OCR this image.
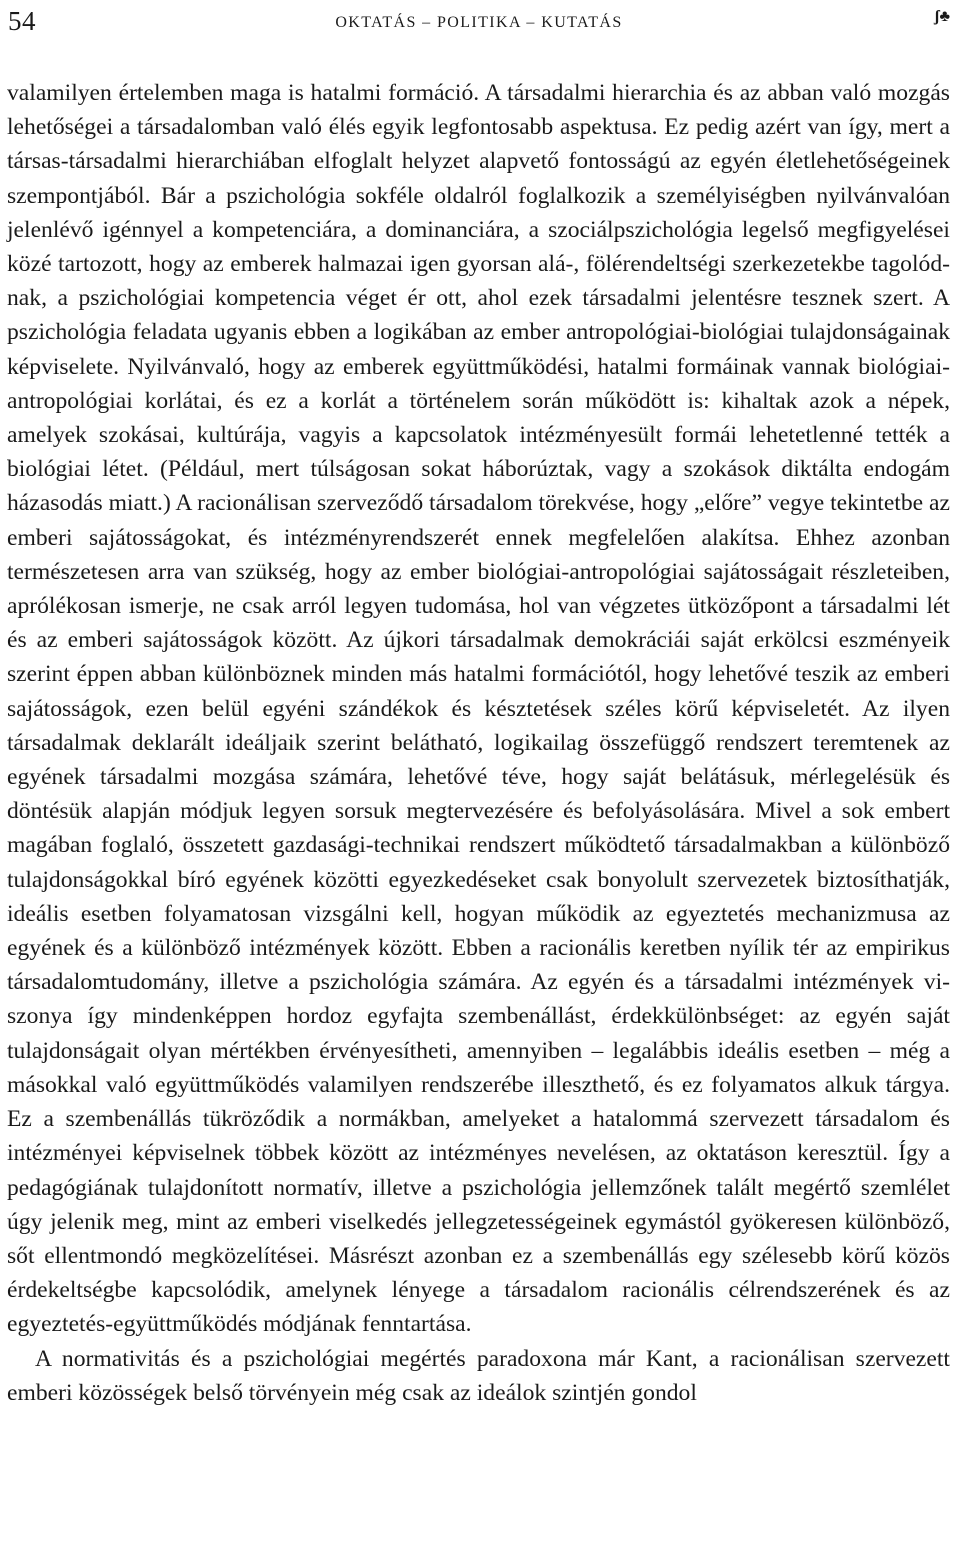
54	OKTATÁS – POLITIKA – KUTATÁS	ʃ♣

valamilyen értelemben maga is hatalmi formáció. A társadalmi hierarchia és az abban való mozgás lehetőségei a társadalomban való élés egyik legfontosabb aspektusa. Ez pedig azért van így, mert a társas-társadalmi hierarchiában elfoglalt helyzet alapvető fontosságú az egyén életlehetőségeinek szempontjából. Bár a pszichológia sokféle oldalról foglalkozik a személyiségben nyilvánvalóan jelenlévő igénnyel a kompetenciára, a dominanciára, a szociálpszichológia legelső megfigyelései közé tartozott, hogy az emberek halmazai igen gyorsan alá-, fölérendeltségi szerkezetekbe tagolódnak, a pszichológiai kompetencia véget ér ott, ahol ezek társadalmi jelentésre tesznek szert. A pszichológia feladata ugyanis ebben a logikában az ember antropológiai-biológiai tulajdonságainak képviselete. Nyilvánvaló, hogy az emberek együttműködési, hatalmi formáinak vannak biológiai-antropológiai korlátai, és ez a korlát a történelem során működött is: kihaltak azok a népek, amelyek szokásai, kultúrája, vagyis a kapcsolatok intézményesült formái lehetetlenné tették a biológiai létet. (Például, mert túlságosan sokat háborúztak, vagy a szokások diktálta endogám házasodás miatt.) A racionálisan szerveződő társadalom törekvése, hogy „előre” vegye tekintetbe az emberi sajátosságokat, és intézményrendszerét ennek megfelelően alakítsa. Ehhez azonban természetesen arra van szükség, hogy az ember biológiai-antropológiai sajátosságait részleteiben, aprólékosan ismerje, ne csak arról legyen tudomása, hol van végzetes ütközőpont a társadalmi lét és az emberi sajátosságok között. Az újkori társadalmak demokráciái saját erkölcsi eszményeik szerint éppen abban különböznek minden más hatalmi formációtól, hogy lehetővé teszik az emberi sajátosságok, ezen belül egyéni szándékok és késztetések széles körű képviseletét. Az ilyen társadalmak deklarált ideáljaik szerint belátható, logikailag összefüggő rendszert teremtenek az egyének társadalmi mozgása számára, lehetővé téve, hogy saját belátásuk, mérlegelésük és döntésük alapján módjuk legyen sorsuk megtervezésére és befolyásolására. Mivel a sok embert magában foglaló, összetett gazdasági-technikai rendszert működtető társadalmakban a különböző tulajdonságokkal bíró egyének közötti egyezkedéseket csak bonyolult szervezetek biztosíthatják, ideális esetben folyamatosan vizsgálni kell, hogyan működik az egyeztetés mechanizmusa az egyének és a különböző intézmények között. Ebben a racionális keretben nyílik tér az empirikus társadalomtudomány, illetve a pszichológia számára. Az egyén és a társadalmi intézmények viszonya így mindenképpen hordoz egyfajta szembenállást, érdekkülönbséget: az egyén saját tulajdonságait olyan mértékben érvényesítheti, amennyiben – legalábbis ideális esetben – még a másokkal való együttműködés valamilyen rendszerébe illeszthető, és ez folyamatos alkuk tárgya. Ez a szembenállás tükröződik a normákban, amelyeket a hatalommá szervezett társadalom és intézményei képviselnek többek között az intézményes nevelésen, az oktatáson keresztül. Így a pedagógiának tulajdonított normatív, illetve a pszichológia jellemzőnek talált megértő szemlélet úgy jelenik meg, mint az emberi viselkedés jellegzetességeinek egymástól gyökeresen különböző, sőt ellentmondó megközelítései. Másrészt azonban ez a szembenállás egy szélesebb körű közös érdekeltségbe kapcsolódik, amelynek lényege a társadalom racionális célrendszerének és az egyeztetés-együttműködés módjának fenntartása.

A normativitás és a pszichológiai megértés paradoxona már Kant, a racionálisan szervezett emberi közösségek belső törvényein még csak az ideálok szintjén gondol
